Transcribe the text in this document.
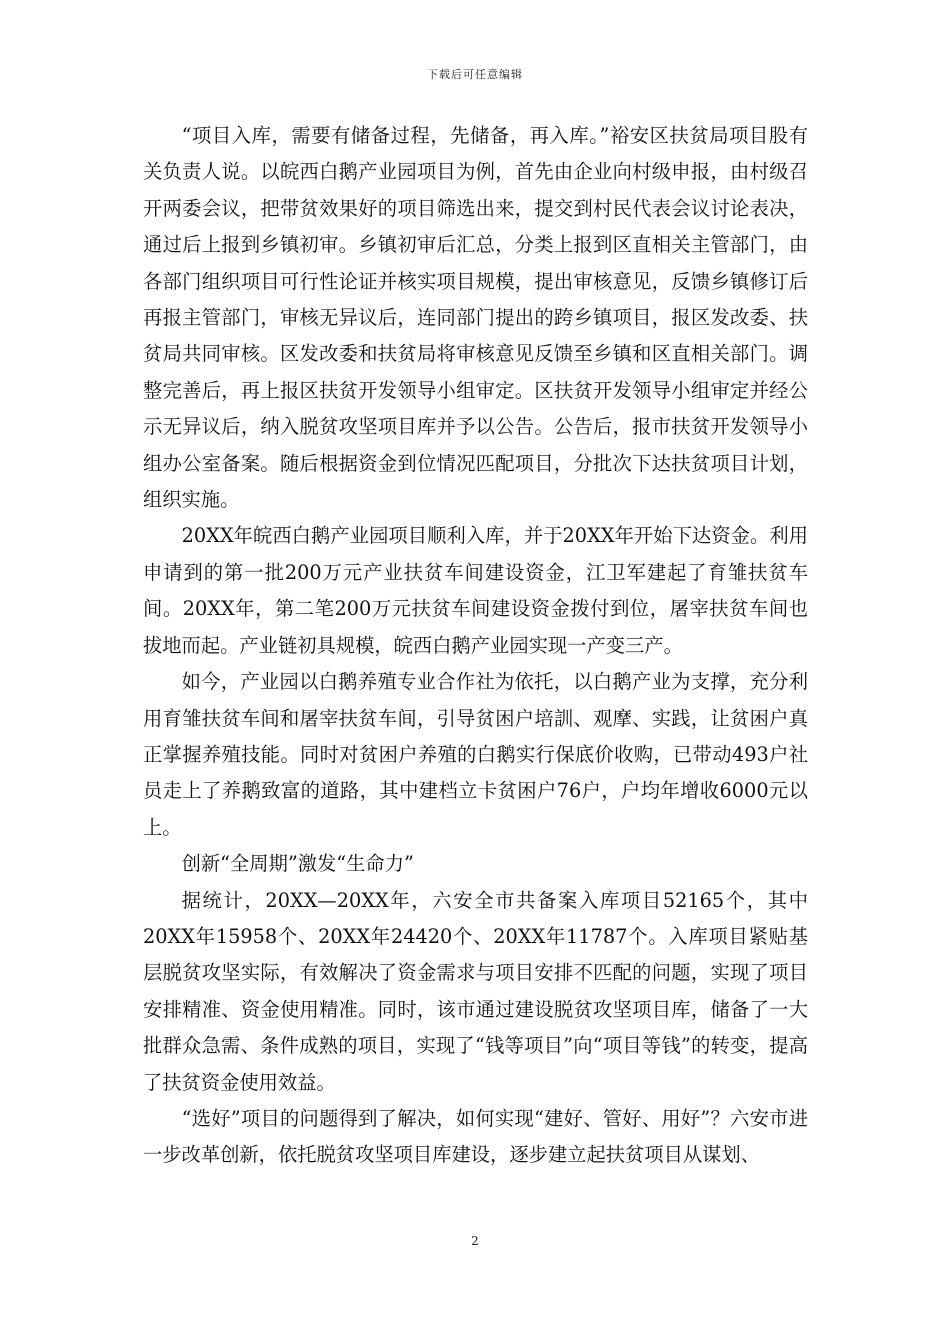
下载后可任意编辑

“项目入库，需要有储备过程，先储备，再入库。”裕安区扶贫局项目股有关负责人说。以皖西白鹅产业园项目为例，首先由企业向村级申报，由村级召开两委会议，把带贫效果好的项目筛选出来，提交到村民代表会议讨论表决，通过后上报到乡镇初审。乡镇初审后汇总，分类上报到区直相关主管部门，由各部门组织项目可行性论证并核实项目规模，提出审核意见，反馈乡镇修订后再报主管部门，审核无异议后，连同部门提出的跨乡镇项目，报区发改委、扶贫局共同审核。区发改委和扶贫局将审核意见反馈至乡镇和区直相关部门。调整完善后，再上报区扶贫开发领导小组审定。区扶贫开发领导小组审定并经公示无异议后，纳入脱贫攻坚项目库并予以公告。公告后，报市扶贫开发领导小组办公室备案。随后根据资金到位情况匹配项目，分批次下达扶贫项目计划，组织实施。

20XX年皖西白鹅产业园项目顺利入库，并于20XX年开始下达资金。利用申请到的第一批200万元产业扶贫车间建设资金，江卫军建起了育雏扶贫车间。20XX年，第二笔200万元扶贫车间建设资金拨付到位，屠宰扶贫车间也拔地而起。产业链初具规模，皖西白鹅产业园实现一产变三产。

如今，产业园以白鹅养殖专业合作社为依托，以白鹅产业为支撑，充分利用育雏扶贫车间和屠宰扶贫车间，引导贫困户培訓、观摩、实践，让贫困户真正掌握养殖技能。同时对贫困户养殖的白鹅实行保底价收购，已带动493户社员走上了养鹅致富的道路，其中建档立卡贫困户76户，户均年增收6000元以上。

创新“全周期”激发“生命力”

据统计，20XX—20XX年，六安全市共备案入库项目52165个，其中20XX年15958个、20XX年24420个、20XX年11787个。入库项目紧贴基层脱贫攻坚实际，有效解决了资金需求与项目安排不匹配的问题，实现了项目安排精准、资金使用精准。同时，该市通过建设脱贫攻坚项目库，储备了一大批群众急需、条件成熟的项目，实现了“钱等项目”向“项目等钱”的转变，提高了扶贫资金使用效益。

“选好”项目的问题得到了解决，如何实现“建好、管好、用好”？六安市进一步改革创新，依托脱贫攻坚项目库建设，逐步建立起扶贫项目从谋划、

2
